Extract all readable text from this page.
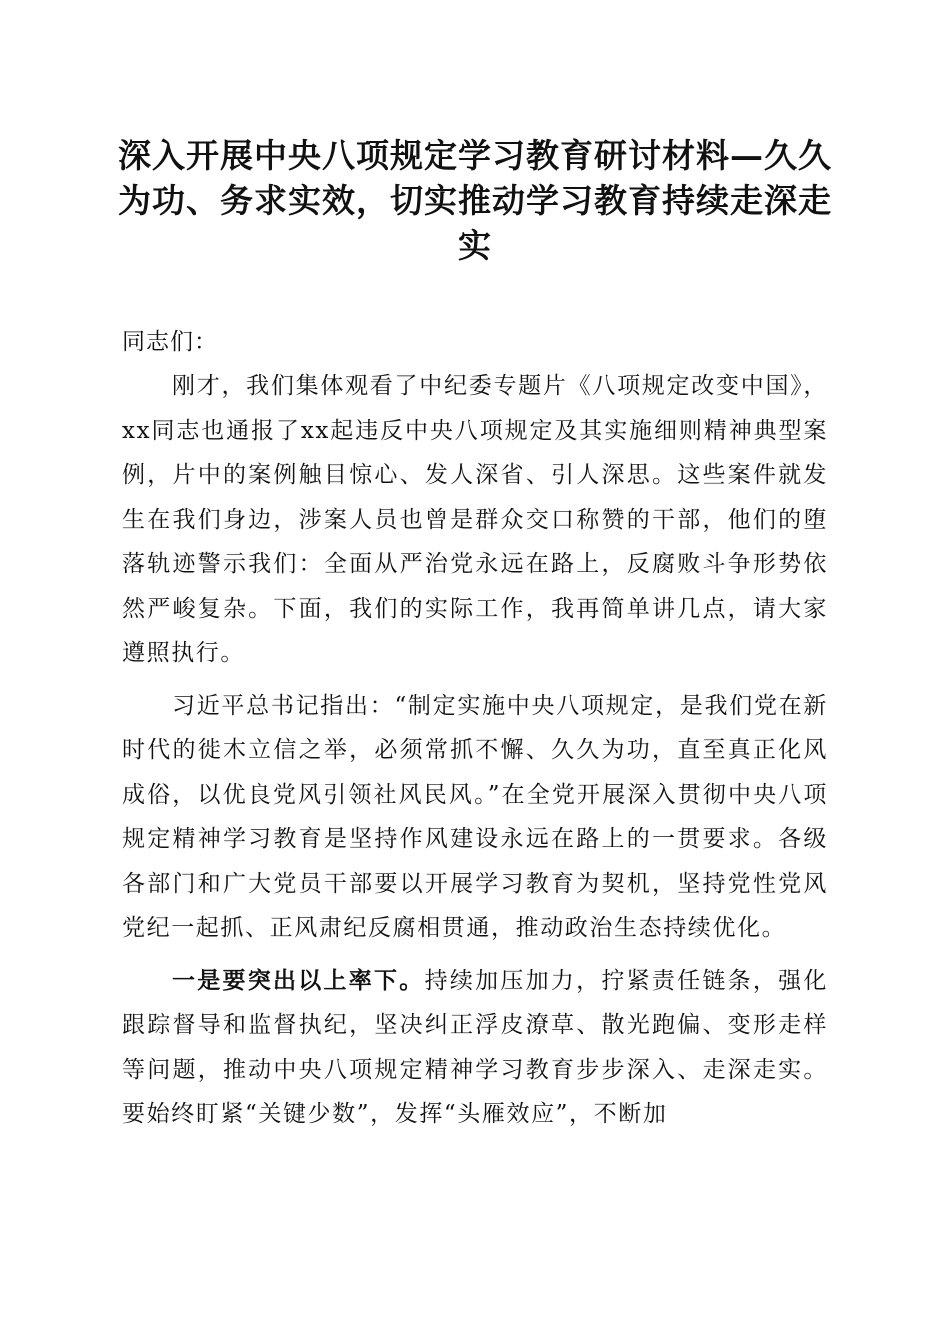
深入开展中央八项规定学习教育研讨材料—久久为功、务求实效，切实推动学习教育持续走深走实

同志们：

刚才，我们集体观看了中纪委专题片《八项规定改变中国》，xx同志也通报了xx起违反中央八项规定及其实施细则精神典型案例，片中的案例触目惊心、发人深省、引人深思。这些案件就发生在我们身边，涉案人员也曾是群众交口称赞的干部，他们的堕落轨迹警示我们：全面从严治党永远在路上，反腐败斗争形势依然严峻复杂。下面，我们的实际工作，我再简单讲几点，请大家遵照执行。

习近平总书记指出：“制定实施中央八项规定，是我们党在新时代的徙木立信之举，必须常抓不懈、久久为功，直至真正化风成俗，以优良党风引领社风民风。”在全党开展深入贯彻中央八项规定精神学习教育是坚持作风建设永远在路上的一贯要求。各级各部门和广大党员干部要以开展学习教育为契机，坚持党性党风党纪一起抓、正风肃纪反腐相贯通，推动政治生态持续优化。

一是要突出以上率下。持续加压加力，拧紧责任链条，强化跟踪督导和监督执纪，坚决纠正浮皮潦草、散光跑偏、变形走样等问题，推动中央八项规定精神学习教育步步深入、走深走实。要始终盯紧“关键少数”，发挥“头雁效应”，不断加
